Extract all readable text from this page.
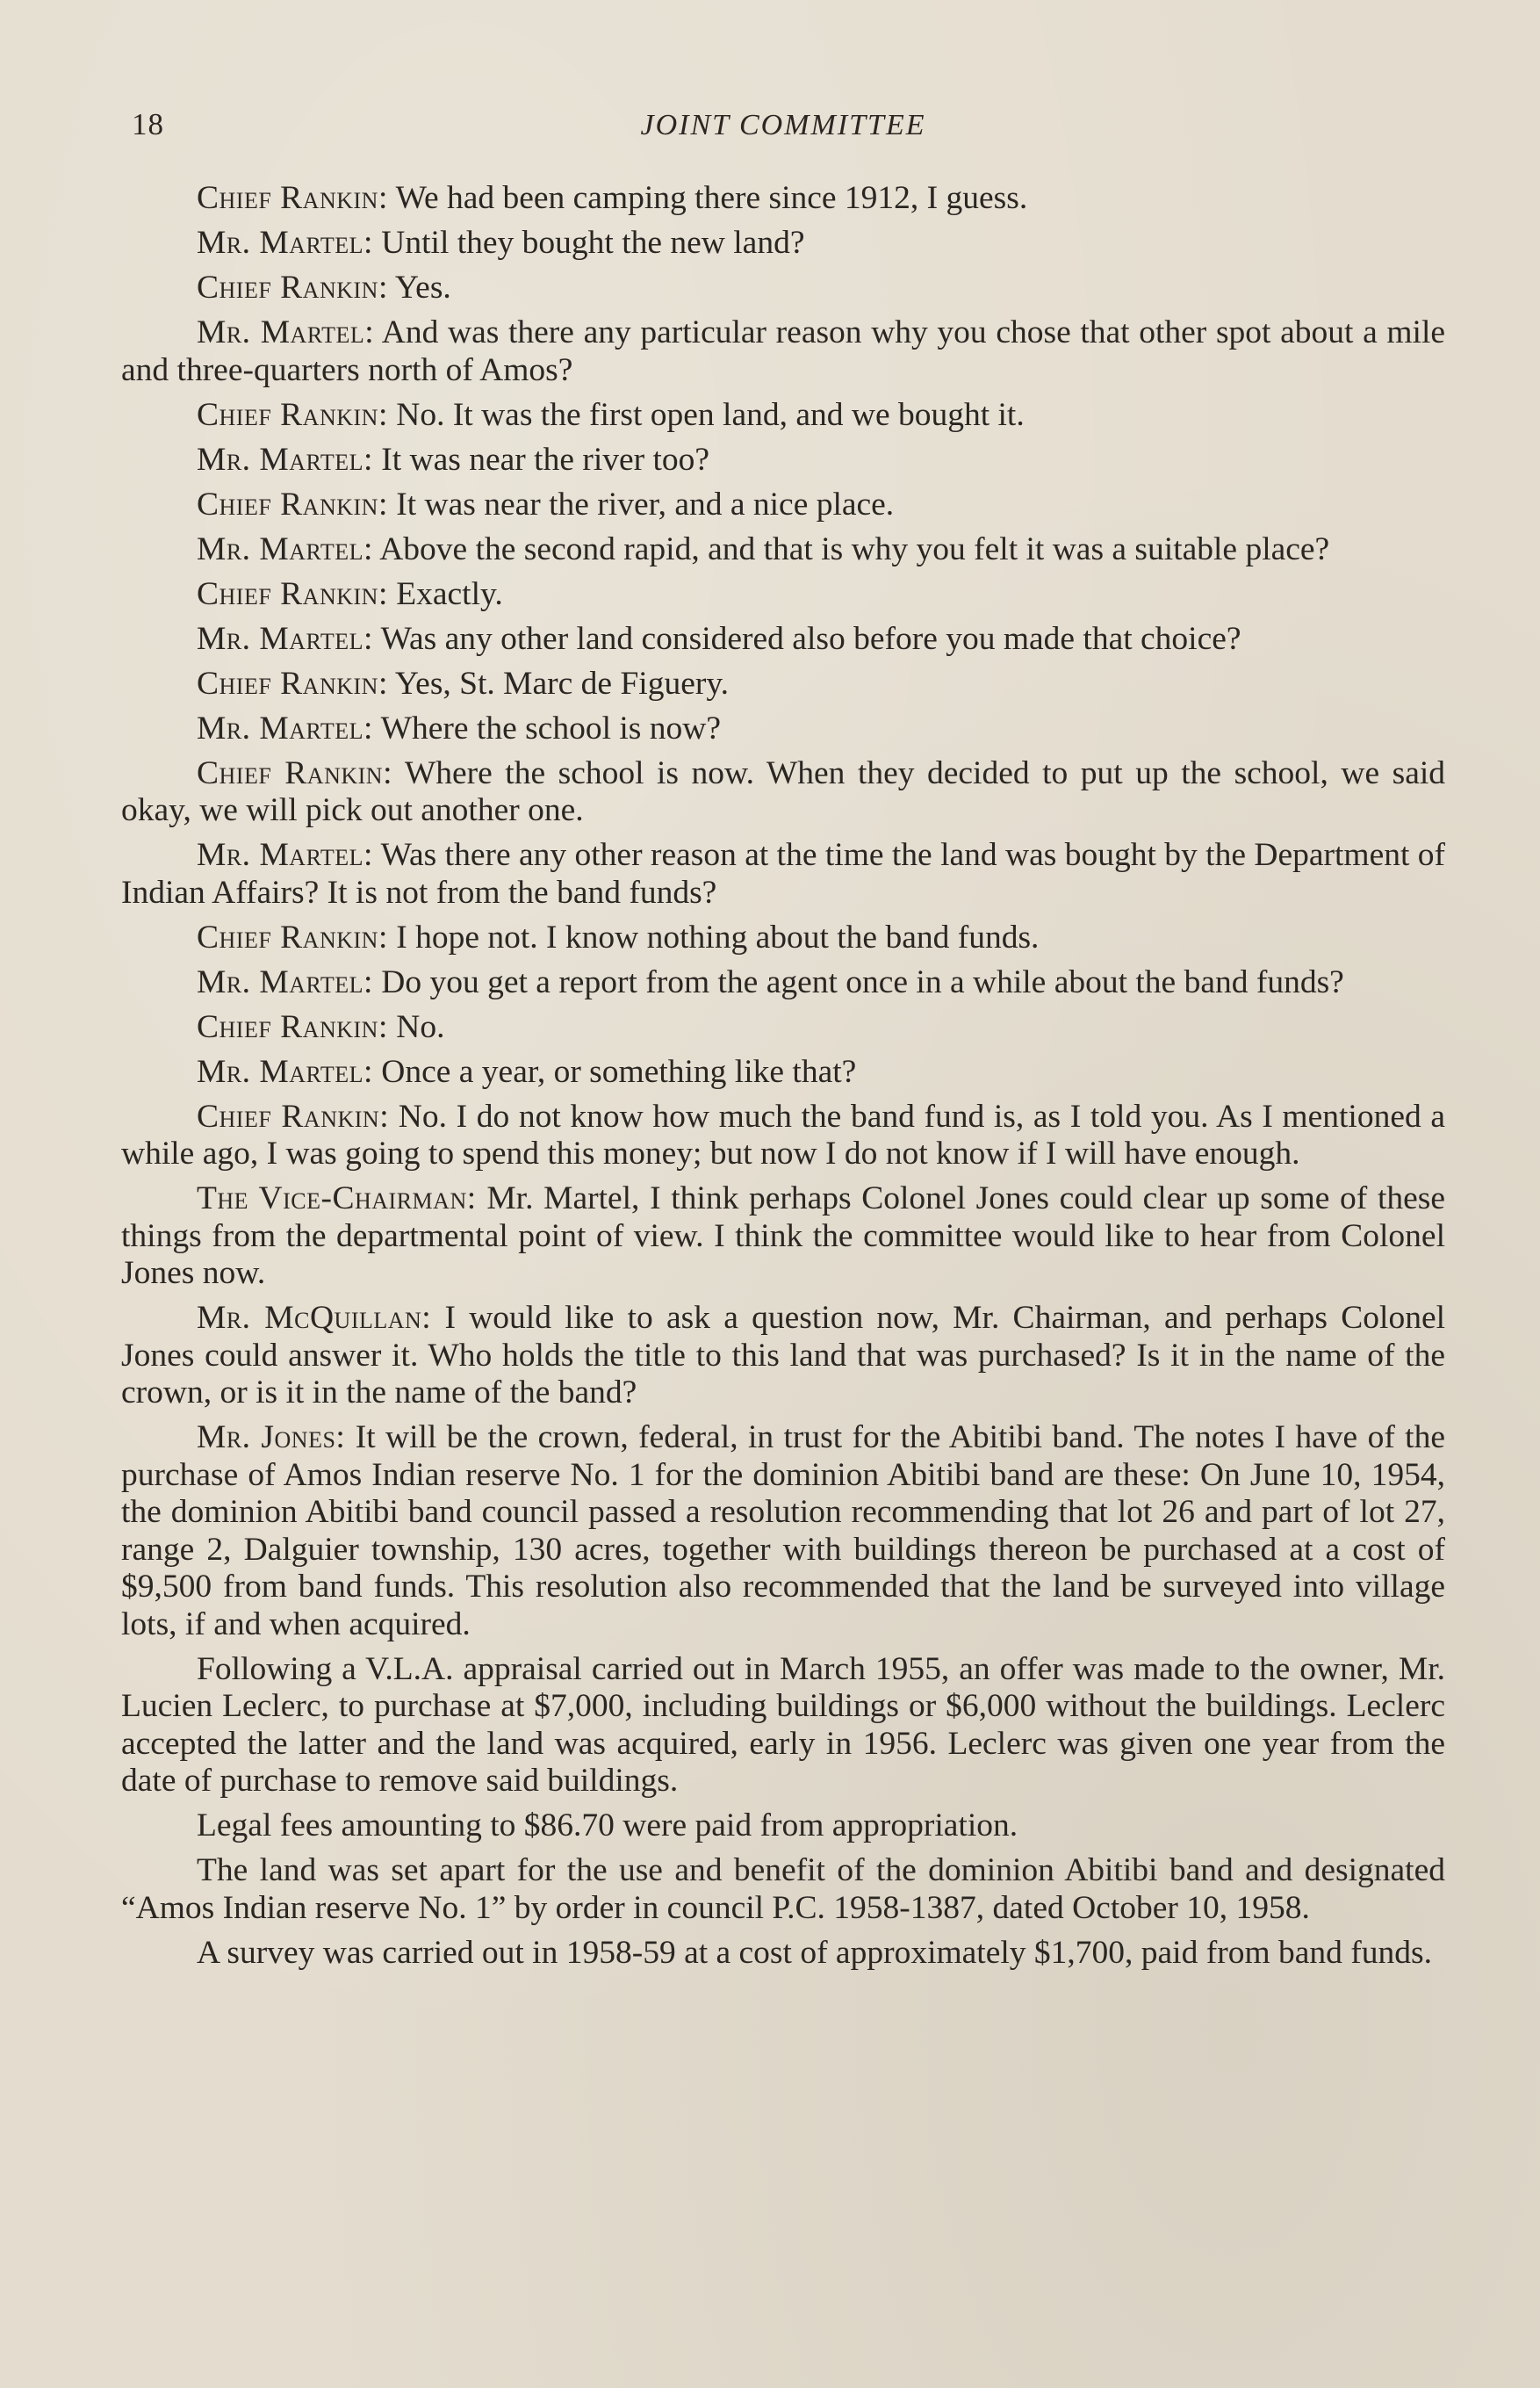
18	JOINT COMMITTEE

Chief Rankin: We had been camping there since 1912, I guess.

Mr. Martel: Until they bought the new land?

Chief Rankin: Yes.

Mr. Martel: And was there any particular reason why you chose that other spot about a mile and three-quarters north of Amos?

Chief Rankin: No. It was the first open land, and we bought it.

Mr. Martel: It was near the river too?

Chief Rankin: It was near the river, and a nice place.

Mr. Martel: Above the second rapid, and that is why you felt it was a suitable place?

Chief Rankin: Exactly.

Mr. Martel: Was any other land considered also before you made that choice?

Chief Rankin: Yes, St. Marc de Figuery.

Mr. Martel: Where the school is now?

Chief Rankin: Where the school is now. When they decided to put up the school, we said okay, we will pick out another one.

Mr. Martel: Was there any other reason at the time the land was bought by the Department of Indian Affairs? It is not from the band funds?

Chief Rankin: I hope not. I know nothing about the band funds.

Mr. Martel: Do you get a report from the agent once in a while about the band funds?

Chief Rankin: No.

Mr. Martel: Once a year, or something like that?

Chief Rankin: No. I do not know how much the band fund is, as I told you. As I mentioned a while ago, I was going to spend this money; but now I do not know if I will have enough.

The Vice-Chairman: Mr. Martel, I think perhaps Colonel Jones could clear up some of these things from the departmental point of view. I think the committee would like to hear from Colonel Jones now.

Mr. McQuillan: I would like to ask a question now, Mr. Chairman, and perhaps Colonel Jones could answer it. Who holds the title to this land that was purchased? Is it in the name of the crown, or is it in the name of the band?

Mr. Jones: It will be the crown, federal, in trust for the Abitibi band. The notes I have of the purchase of Amos Indian reserve No. 1 for the dominion Abitibi band are these: On June 10, 1954, the dominion Abitibi band council passed a resolution recommending that lot 26 and part of lot 27, range 2, Dalguier township, 130 acres, together with buildings thereon be purchased at a cost of $9,500 from band funds. This resolution also recommended that the land be surveyed into village lots, if and when acquired.

Following a V.L.A. appraisal carried out in March 1955, an offer was made to the owner, Mr. Lucien Leclerc, to purchase at $7,000, including buildings or $6,000 without the buildings. Leclerc accepted the latter and the land was acquired, early in 1956. Leclerc was given one year from the date of purchase to remove said buildings.

Legal fees amounting to $86.70 were paid from appropriation.

The land was set apart for the use and benefit of the dominion Abitibi band and designated “Amos Indian reserve No. 1” by order in council P.C. 1958-1387, dated October 10, 1958.

A survey was carried out in 1958-59 at a cost of approximately $1,700, paid from band funds.
